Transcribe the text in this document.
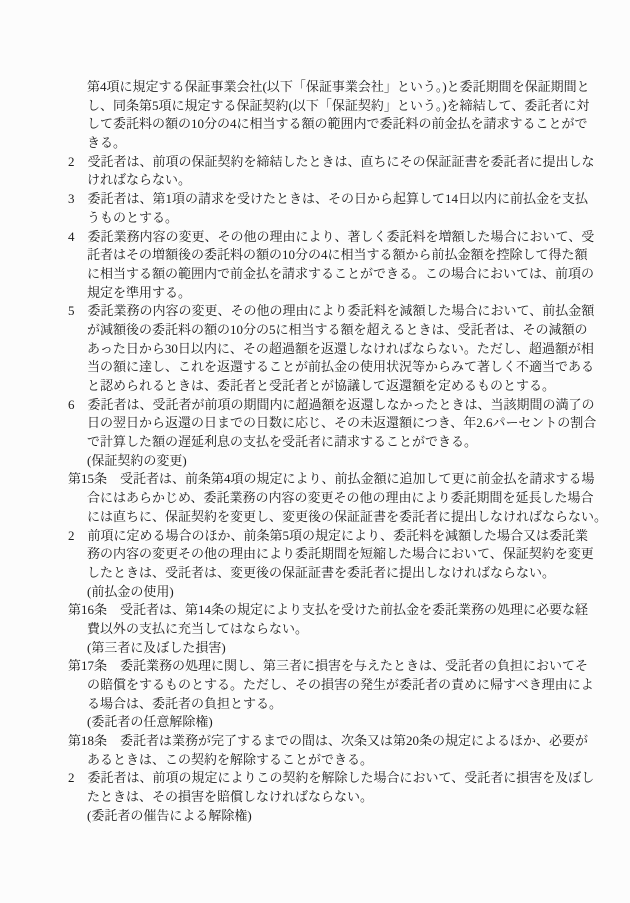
第4項に規定する保証事業会社(以下「保証事業会社」という。)と委託期間を保証期間と
し、同条第5項に規定する保証契約(以下「保証契約」という。)を締結して、委託者に対
して委託料の額の10分の4に相当する額の範囲内で委託料の前金払を請求することがで
きる。
2　受託者は、前項の保証契約を締結したときは、直ちにその保証証書を委託者に提出しな
ければならない。
3　委託者は、第1項の請求を受けたときは、その日から起算して14日以内に前払金を支払
うものとする。
4　委託業務内容の変更、その他の理由により、著しく委託料を増額した場合において、受
託者はその増額後の委託料の額の10分の4に相当する額から前払金額を控除して得た額
に相当する額の範囲内で前金払を請求することができる。この場合においては、前項の
規定を準用する。
5　委託業務の内容の変更、その他の理由により委託料を減額した場合において、前払金額
が減額後の委託料の額の10分の5に相当する額を超えるときは、受託者は、その減額の
あった日から30日以内に、その超過額を返還しなければならない。ただし、超過額が相
当の額に達し、これを返還することが前払金の使用状況等からみて著しく不適当である
と認められるときは、委託者と受託者とが協議して返還額を定めるものとする。
6　委託者は、受託者が前項の期間内に超過額を返還しなかったときは、当該期間の満了の
日の翌日から返還の日までの日数に応じ、その未返還額につき、年2.6パーセントの割合
で計算した額の遅延利息の支払を受託者に請求することができる。
(保証契約の変更)
第15条　受託者は、前条第4項の規定により、前払金額に追加して更に前金払を請求する場
合にはあらかじめ、委託業務の内容の変更その他の理由により委託期間を延長した場合
には直ちに、保証契約を変更し、変更後の保証証書を委託者に提出しなければならない。
2　前項に定める場合のほか、前条第5項の規定により、委託料を減額した場合又は委託業
務の内容の変更その他の理由により委託期間を短縮した場合において、保証契約を変更
したときは、受託者は、変更後の保証証書を委託者に提出しなければならない。
(前払金の使用)
第16条　受託者は、第14条の規定により支払を受けた前払金を委託業務の処理に必要な経
費以外の支払に充当してはならない。
(第三者に及ぼした損害)
第17条　委託業務の処理に関し、第三者に損害を与えたときは、受託者の負担においてそ
の賠償をするものとする。ただし、その損害の発生が委託者の責めに帰すべき理由によ
る場合は、委託者の負担とする。
(委託者の任意解除権)
第18条　委託者は業務が完了するまでの間は、次条又は第20条の規定によるほか、必要が
あるときは、この契約を解除することができる。
2　委託者は、前項の規定によりこの契約を解除した場合において、受託者に損害を及ぼし
たときは、その損害を賠償しなければならない。
(委託者の催告による解除権)
